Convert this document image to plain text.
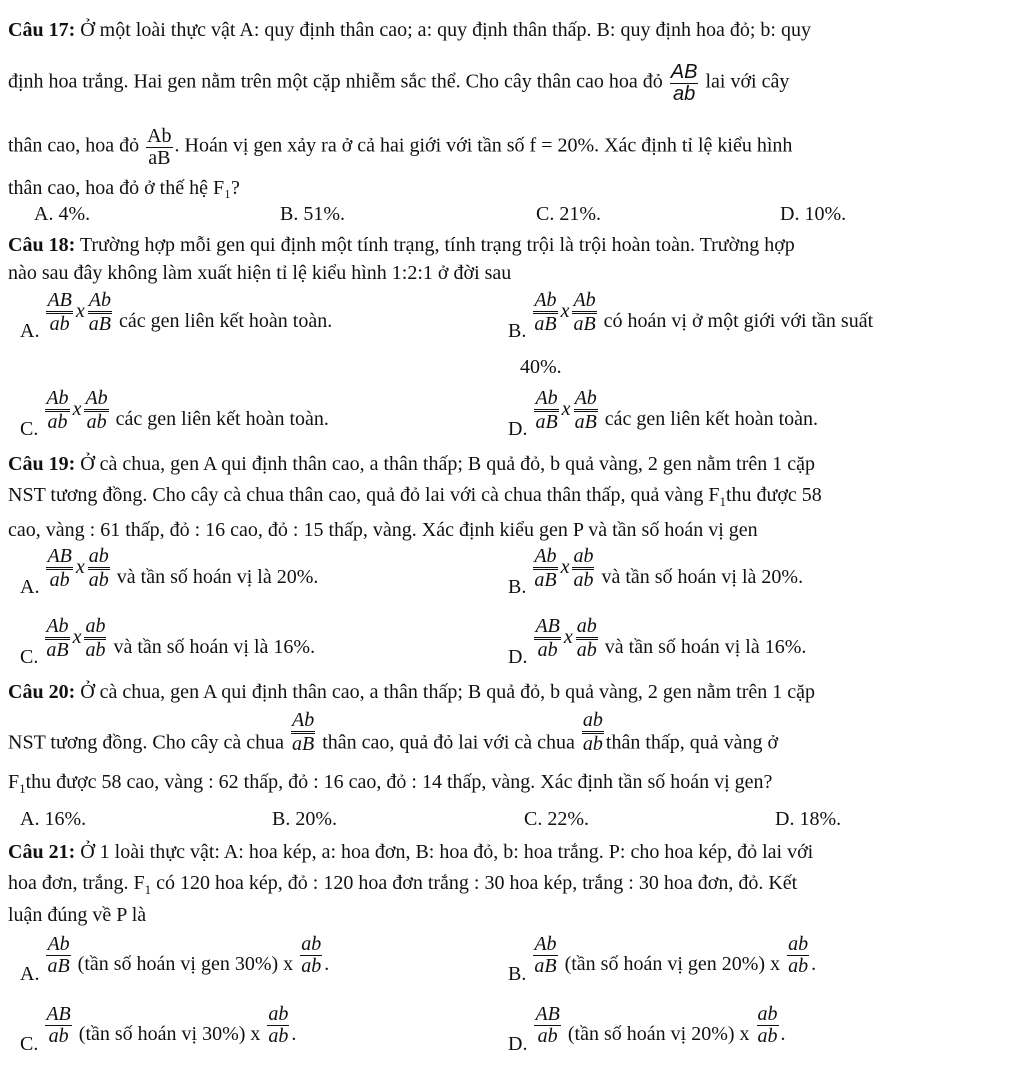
Câu 17: Ở một loài thực vật A: quy định thân cao; a: quy định thân thấp. B: quy định hoa đỏ; b: quy
định hoa trắng. Hai gen nằm trên một cặp nhiễm sắc thể. Cho cây thân cao hoa đỏ $\frac{AB}{ab}$ lai với cây
thân cao, hoa đỏ $\frac{Ab}{aB}$ . Hoán vị gen xảy ra ở cả hai giới với tần số f = 20%. Xác định tỉ lệ kiểu hình
thân cao, hoa đỏ ở thế hệ F₁?
A. 4%.	B. 51%.	C. 21%.	D. 10%.
Câu 18: Trường hợp mỗi gen qui định một tính trạng, tính trạng trội là trội hoàn toàn. Trường hợp
nào sau đây không làm xuất hiện tỉ lệ kiểu hình 1:2:1 ở đời sau
A. $\frac{AB}{ab}$ x $\frac{Ab}{aB}$ các gen liên kết hoàn toàn.	B. $\frac{Ab}{aB}$ x $\frac{Ab}{aB}$ có hoán vị ở một giới với tần suất
40%.
C. $\frac{Ab}{ab}$ x $\frac{Ab}{ab}$ các gen liên kết hoàn toàn.	D. $\frac{Ab}{aB}$ x $\frac{Ab}{aB}$ các gen liên kết hoàn toàn.
Câu 19: Ở cà chua, gen A qui định thân cao, a thân thấp; B quả đỏ, b quả vàng, 2 gen nằm trên 1 cặp
NST tương đồng. Cho cây cà chua thân cao, quả đỏ lai với cà chua thân thấp, quả vàng $F_1thu$ được 58
cao, vàng : 61 thấp, đỏ : 16 cao, đỏ : 15 thấp, vàng. Xác định kiểu gen P và tần số hoán vị gen
A. $\frac{AB}{ab}$ x $\frac{ab}{ab}$ và tần số hoán vị là 20%.	B. $\frac{Ab}{aB}$ x $\frac{ab}{ab}$ và tần số hoán vị là 20%.
C. $\frac{Ab}{aB}$ x $\frac{ab}{ab}$ và tần số hoán vị là 16%.	D. $\frac{AB}{ab}$ x $\frac{ab}{ab}$ và tần số hoán vị là 16%.
Câu 20: Ở cà chua, gen A qui định thân cao, a thân thấp; B quả đỏ, b quả vàng, 2 gen nằm trên 1 cặp
NST tương đồng. Cho cây cà chua $\frac{Ab}{aB}$ thân cao, quả đỏ lai với cà chua $\frac{ab}{ab}$ thân thấp, quả vàng ở
$F_1thu$ được 58 cao, vàng : 62 thấp, đỏ : 16 cao, đỏ : 14 thấp, vàng. Xác định tần số hoán vị gen?
A. 16%.	B. 20%.	C. 22%.	D. 18%.
Câu 21: Ở 1 loài thực vật: A: hoa kép, a: hoa đơn, B: hoa đỏ, b: hoa trắng. P: cho hoa kép, đỏ lai với
hoa đơn, trắng. $F_1$ có 120 hoa kép, đỏ : 120 hoa đơn trắng : 30 hoa kép, trắng : 30 hoa đơn, đỏ. Kết
luận đúng về P là
A. $\frac{Ab}{aB}$ (tần số hoán vị gen 30%) x $\frac{ab}{ab}$ .	B. $\frac{Ab}{aB}$ (tần số hoán vị gen 20%) x $\frac{ab}{ab}$ .
C. $\frac{AB}{ab}$ (tần số hoán vị 30%) x $\frac{ab}{ab}$ .	D. $\frac{AB}{ab}$ (tần số hoán vị 20%) x $\frac{ab}{ab}$ .
